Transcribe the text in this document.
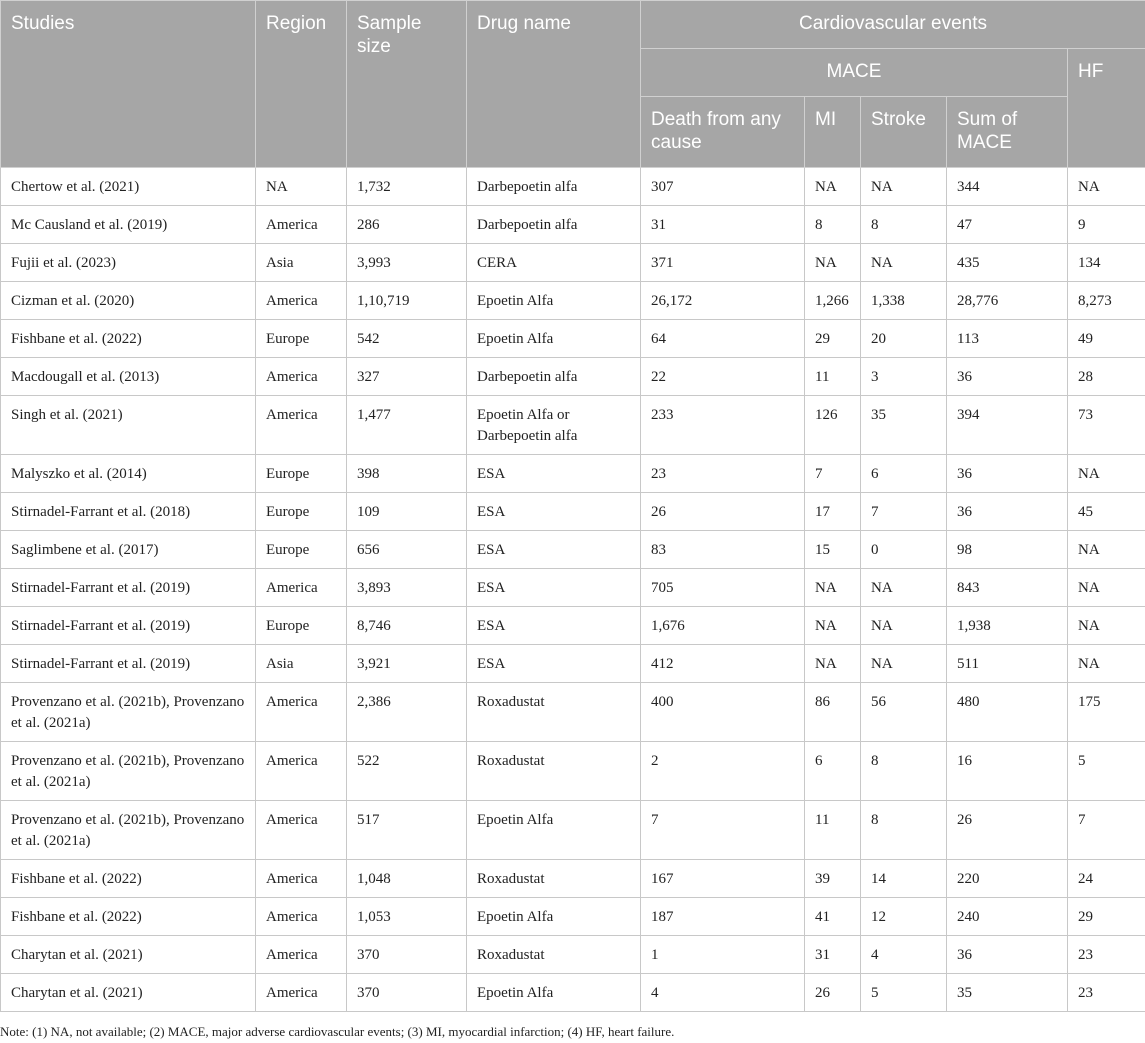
Studies	Region	Sample size	Drug name	Cardiovascular events				
				MACE				HF
				Death from any cause	MI	Stroke	Sum of MACE	
Chertow et al. (2021)	NA	1,732	Darbepoetin alfa	307	NA	NA	344	NA
Mc Causland et al. (2019)	America	286	Darbepoetin alfa	31	8	8	47	9
Fujii et al. (2023)	Asia	3,993	CERA	371	NA	NA	435	134
Cizman et al. (2020)	America	1,10,719	Epoetin Alfa	26,172	1,266	1,338	28,776	8,273
Fishbane et al. (2022)	Europe	542	Epoetin Alfa	64	29	20	113	49
Macdougall et al. (2013)	America	327	Darbepoetin alfa	22	11	3	36	28
Singh et al. (2021)	America	1,477	Epoetin Alfa or Darbepoetin alfa	233	126	35	394	73
Malyszko et al. (2014)	Europe	398	ESA	23	7	6	36	NA
Stirnadel-Farrant et al. (2018)	Europe	109	ESA	26	17	7	36	45
Saglimbene et al. (2017)	Europe	656	ESA	83	15	0	98	NA
Stirnadel-Farrant et al. (2019)	America	3,893	ESA	705	NA	NA	843	NA
Stirnadel-Farrant et al. (2019)	Europe	8,746	ESA	1,676	NA	NA	1,938	NA
Stirnadel-Farrant et al. (2019)	Asia	3,921	ESA	412	NA	NA	511	NA
Provenzano et al. (2021b), Provenzano et al. (2021a)	America	2,386	Roxadustat	400	86	56	480	175
Provenzano et al. (2021b), Provenzano et al. (2021a)	America	522	Roxadustat	2	6	8	16	5
Provenzano et al. (2021b), Provenzano et al. (2021a)	America	517	Epoetin Alfa	7	11	8	26	7
Fishbane et al. (2022)	America	1,048	Roxadustat	167	39	14	220	24
Fishbane et al. (2022)	America	1,053	Epoetin Alfa	187	41	12	240	29
Charytan et al. (2021)	America	370	Roxadustat	1	31	4	36	23
Charytan et al. (2021)	America	370	Epoetin Alfa	4	26	5	35	23
Note: (1) NA, not available; (2) MACE, major adverse cardiovascular events; (3) MI, myocardial infarction; (4) HF, heart failure.
